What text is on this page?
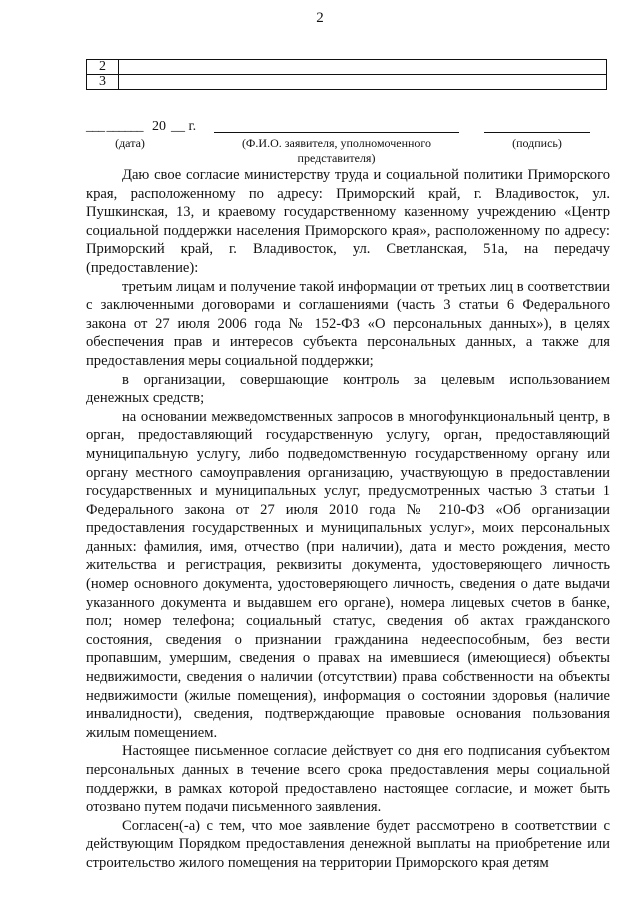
2
2	
3	
___ ______ 20 __ г.
(дата)	(Ф.И.О. заявителя, уполномоченного
представителя)
(подпись)

Даю свое согласие министерству труда и социальной политики Приморского края, расположенному по адресу: Приморский край, г. Владивосток, ул. Пушкинская, 13, и краевому государственному казенному учреждению «Центр социальной поддержки населения Приморского края», расположенному по адресу: Приморский край, г. Владивосток, ул. Светланская, 51а, на передачу (предоставление):

третьим лицам и получение такой информации от третьих лиц в соответствии с заключенными договорами и соглашениями (часть 3 статьи 6 Федерального закона от 27 июля 2006 года № 152-ФЗ «О персональных данных»), в целях обеспечения прав и интересов субъекта персональных данных, а также для предоставления меры социальной поддержки;

в организации, совершающие контроль за целевым использованием денежных средств;

на основании межведомственных запросов в многофункциональный центр, в орган, предоставляющий государственную услугу, орган, предоставляющий муниципальную услугу, либо подведомственную государственному органу или органу местного самоуправления организацию, участвующую в предоставлении государственных и муниципальных услуг, предусмотренных частью 3 статьи 1 Федерального закона от 27 июля 2010 года № 210-ФЗ «Об организации предоставления государственных и муниципальных услуг», моих персональных данных: фамилия, имя, отчество (при наличии), дата и место рождения, место жительства и регистрация, реквизиты документа, удостоверяющего личность (номер основного документа, удостоверяющего личность, сведения о дате выдачи указанного документа и выдавшем его органе), номера лицевых счетов в банке, пол; номер телефона; социальный статус, сведения об актах гражданского состояния, сведения о признании гражданина недееспособным, без вести пропавшим, умершим, сведения о правах на имевшиеся (имеющиеся) объекты недвижимости, сведения о наличии (отсутствии) права собственности на объекты недвижимости (жилые помещения), информация о состоянии здоровья (наличие инвалидности), сведения, подтверждающие правовые основания пользования жилым помещением.

Настоящее письменное согласие действует со дня его подписания субъектом персональных данных в течение всего срока предоставления меры социальной поддержки, в рамках которой предоставлено настоящее согласие, и может быть отозвано путем подачи письменного заявления.

Согласен(-а) с тем, что мое заявление будет рассмотрено в соответствии с действующим Порядком предоставления денежной выплаты на приобретение или строительство жилого помещения на территории Приморского края детям
